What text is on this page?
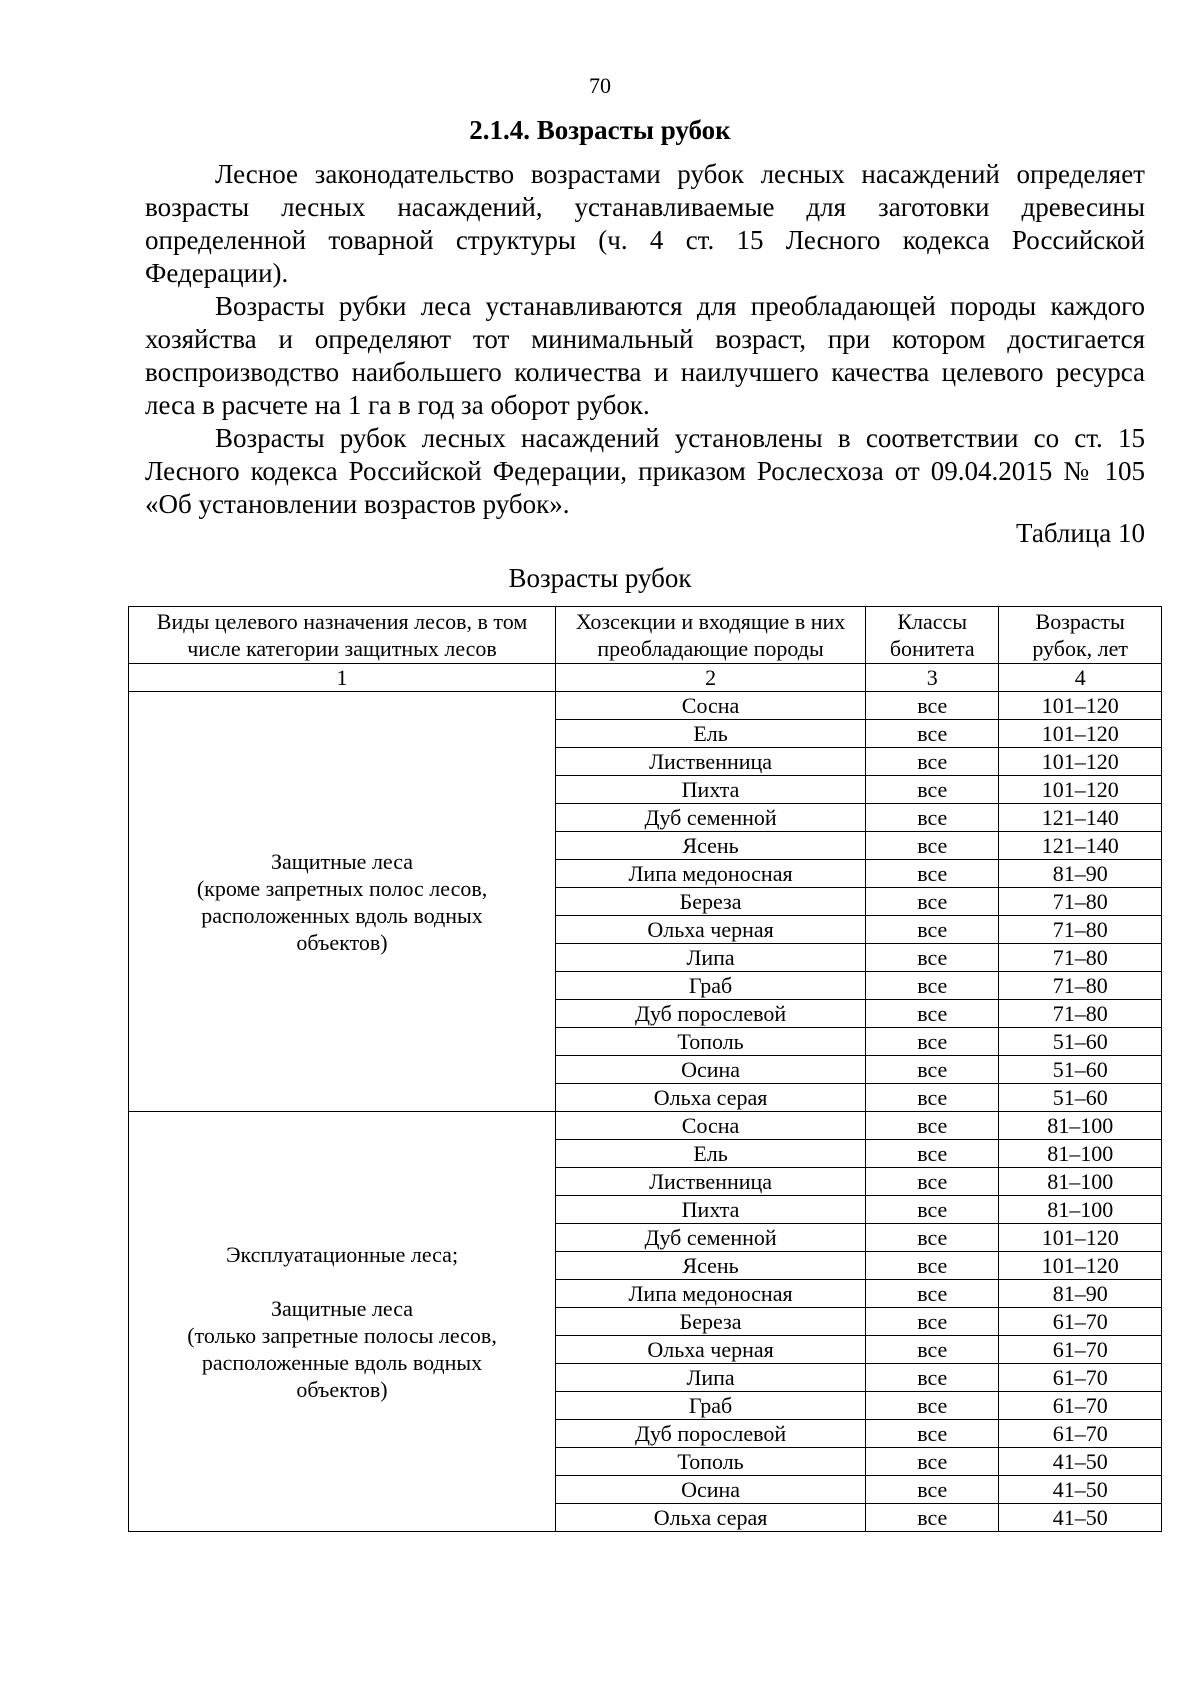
70
2.1.4. Возрасты рубок

Лесное законодательство возрастами рубок лесных насаждений определяет возрасты лесных насаждений, устанавливаемые для заготовки древесины определенной товарной структуры (ч. 4 ст. 15 Лесного кодекса Российской Федерации).

Возрасты рубки леса устанавливаются для преобладающей породы каждого хозяйства и определяют тот минимальный возраст, при котором достигается воспроизводство наибольшего количества и наилучшего качества целевого ресурса леса в расчете на 1 га в год за оборот рубок.

Возрасты рубок лесных насаждений установлены в соответствии со ст. 15 Лесного кодекса Российской Федерации, приказом Рослесхоза от 09.04.2015 № 105 «Об установлении возрастов рубок».

Таблица 10
Возрасты рубок
Виды целевого назначения лесов, в том числе категории защитных лесов	Хозсекции и входящие в них преобладающие породы	Классы бонитета	Возрасты рубок, лет
1	2	3	4

Защитные леса
(кроме запретных полос лесов,
расположенных вдоль водных
объектов)	Сосна	все	101–120
	Ель	все	101–120
	Лиственница	все	101–120
	Пихта	все	101–120
	Дуб семенной	все	121–140
	Ясень	все	121–140
	Липа медоносная	все	81–90
	Береза	все	71–80
	Ольха черная	все	71–80
	Липа	все	71–80
	Граб	все	71–80
	Дуб порослевой	все	71–80
	Тополь	все	51–60
	Осина	все	51–60
	Ольха серая	все	51–60

Эксплуатационные леса;

Защитные леса
(только запретные полосы лесов,
расположенные вдоль водных
объектов)	Сосна	все	81–100
	Ель	все	81–100
	Лиственница	все	81–100
	Пихта	все	81–100
	Дуб семенной	все	101–120
	Ясень	все	101–120
	Липа медоносная	все	81–90
	Береза	все	61–70
	Ольха черная	все	61–70
	Липа	все	61–70
	Граб	все	61–70
	Дуб порослевой	все	61–70
	Тополь	все	41–50
	Осина	все	41–50
	Ольха серая	все	41–50
